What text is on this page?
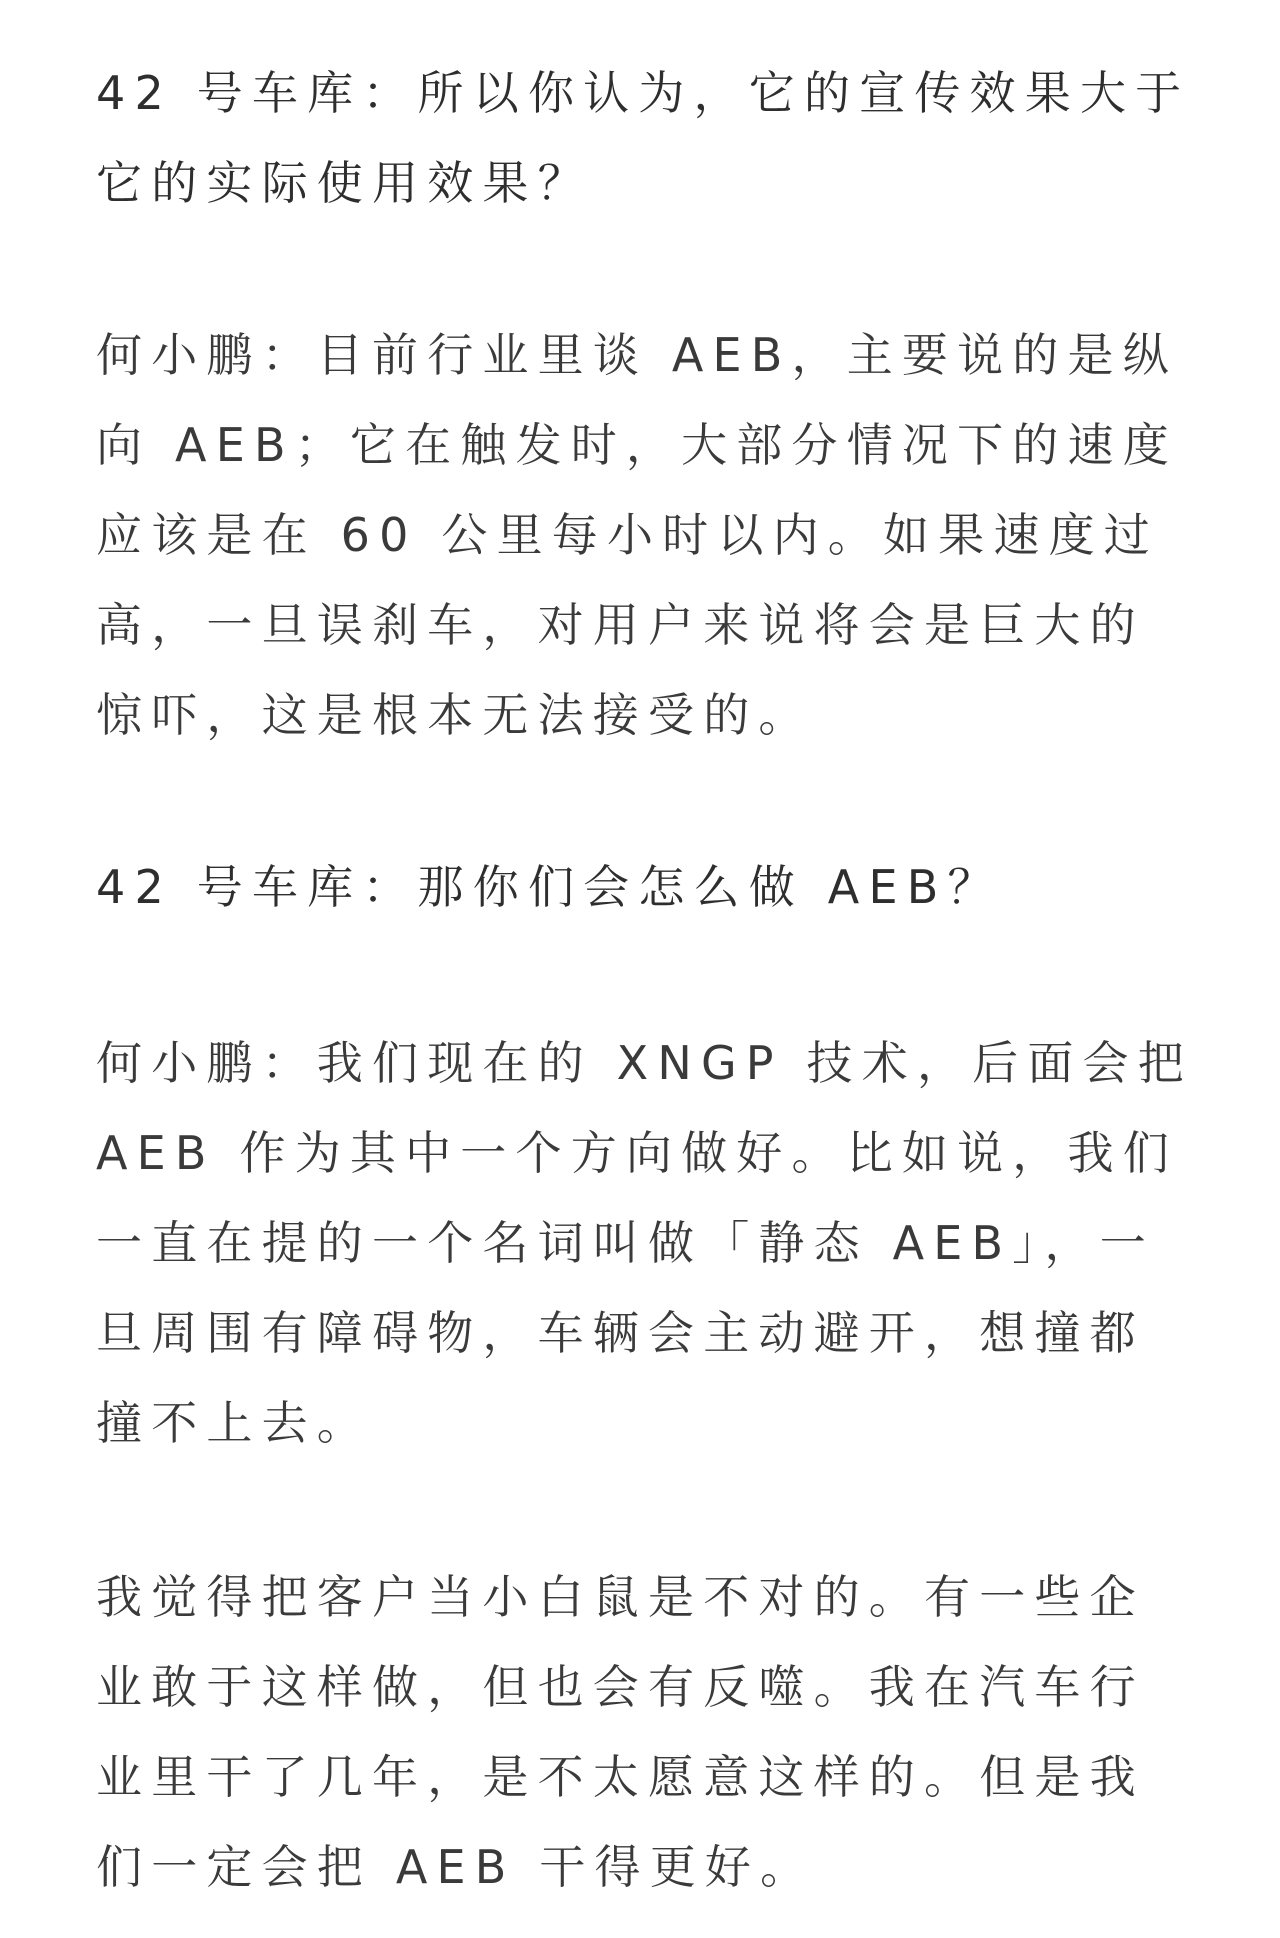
42 号车库：所以你认为，它的宣传效果大于
它的实际使用效果？

何小鹏：目前行业里谈 AEB，主要说的是纵
向 AEB；它在触发时，大部分情况下的速度
应该是在 60 公里每小时以内。如果速度过
高，一旦误刹车，对用户来说将会是巨大的
惊吓，这是根本无法接受的。

42 号车库：那你们会怎么做 AEB？

何小鹏：我们现在的 XNGP 技术，后面会把
AEB 作为其中一个方向做好。比如说，我们
一直在提的一个名词叫做「静态 AEB」，一
旦周围有障碍物，车辆会主动避开，想撞都
撞不上去。

我觉得把客户当小白鼠是不对的。有一些企
业敢于这样做，但也会有反噬。我在汽车行
业里干了几年，是不太愿意这样的。但是我
们一定会把 AEB 干得更好。
